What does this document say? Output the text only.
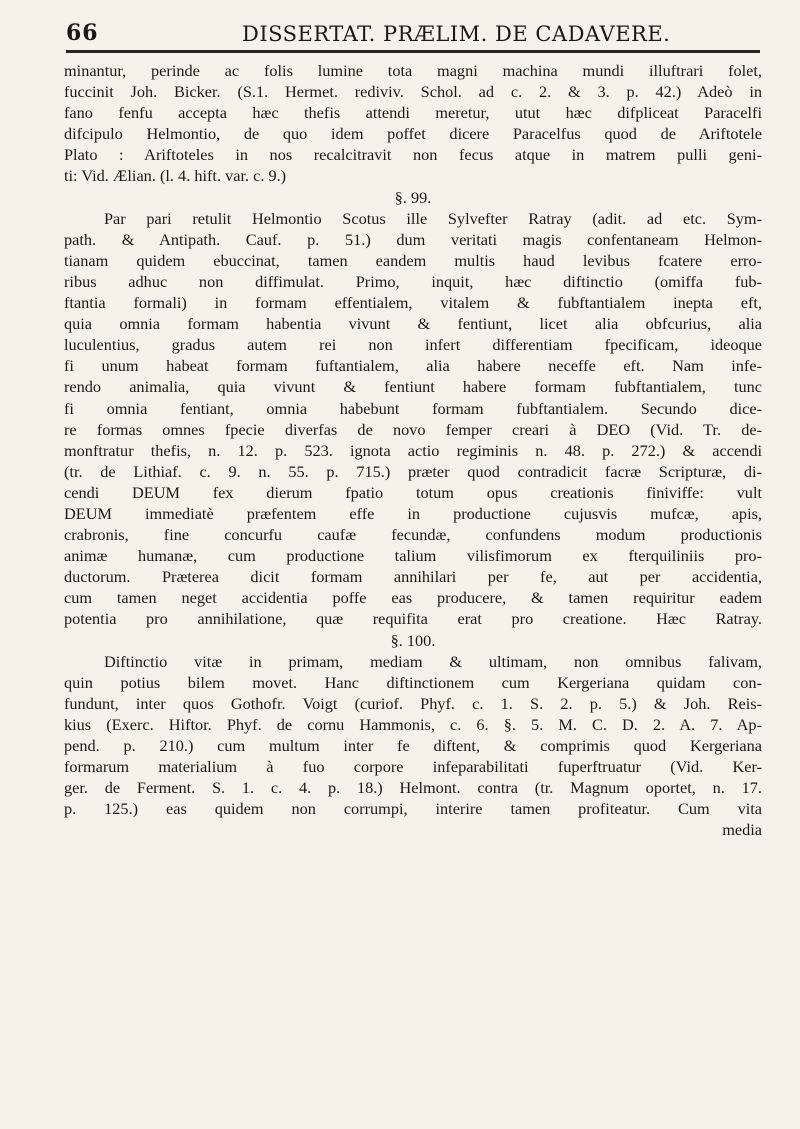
66	DISSERTAT. PRÆLIM. DE CADAVERE.
minantur, perinde ac folis lumine tota magni machina mundi illuftrari folet,
fuccinit Joh. Bicker. (S.1. Hermet. rediviv. Schol. ad c. 2. & 3. p. 42.) Adeò in
fano fenfu accepta hæc thefis attendi meretur, utut hæc difpliceat Paracelfi
difcipulo Helmontio, de quo idem poffet dicere Paracelfus quod de Ariftotele
Plato : Ariftoteles in nos recalcitravit non fecus atque in matrem pulli geni-
ti: Vid. Ælian. (l. 4. hift. var. c. 9.)
§. 99.
Par pari retulit Helmontio Scotus ille Sylvefter Ratray (adit. ad etc. Sym-
path. & Antipath. Cauf. p. 51.) dum veritati magis confentaneam Helmon-
tianam quidem ebuccinat, tamen eandem multis haud levibus fcatere erro-
ribus adhuc non diffimulat. Primo, inquit, hæc diftinctio (omiffa fub-
ftantia formali) in formam effentialem, vitalem & fubftantialem inepta eft,
quia omnia formam habentia vivunt & fentiunt, licet alia obfcurius, alia
luculentius, gradus autem rei non infert differentiam fpecificam, ideoque
fi unum habeat formam fuftantialem, alia habere neceffe eft. Nam infe-
rendo animalia, quia vivunt & fentiunt habere formam fubftantialem, tunc
fi omnia fentiant, omnia habebunt formam fubftantialem. Secundo dice-
re formas omnes fpecie diverfas de novo femper creari à DEO (Vid. Tr. de-
monftratur thefis, n. 12. p. 523. ignota actio regiminis n. 48. p. 272.) & accendi
(tr. de Lithiaf. c. 9. n. 55. p. 715.) præter quod contradicit facræ Scripturæ, di-
cendi DEUM fex dierum fpatio totum opus creationis finiviffe: vult
DEUM immediatè præfentem effe in productione cujusvis mufcæ, apis,
crabronis, fine concurfu caufæ fecundæ, confundens modum productionis
animæ humanæ, cum productione talium vilisfimorum ex fterquiliniis pro-
ductorum. Præterea dicit formam annihilari per fe, aut per accidentia,
cum tamen neget accidentia poffe eas producere, & tamen requiritur eadem
potentia pro annihilatione, quæ requifita erat pro creatione. Hæc Ratray.
§. 100.
Diftinctio vitæ in primam, mediam & ultimam, non omnibus falivam,
quin potius bilem movet. Hanc diftinctionem cum Kergeriana quidam con-
fundunt, inter quos Gothofr. Voigt (curiof. Phyf. c. 1. S. 2. p. 5.) & Joh. Reis-
kius (Exerc. Hiftor. Phyf. de cornu Hammonis, c. 6. §. 5. M. C. D. 2. A. 7. Ap-
pend. p. 210.) cum multum inter fe diftent, & comprimis quod Kergeriana
formarum materialium à fuo corpore infeparabilitati fuperftruatur (Vid. Ker-
ger. de Ferment. S. 1. c. 4. p. 18.) Helmont. contra (tr. Magnum oportet, n. 17.
p. 125.) eas quidem non corrumpi, interire tamen profiteatur. Cum vita
media
